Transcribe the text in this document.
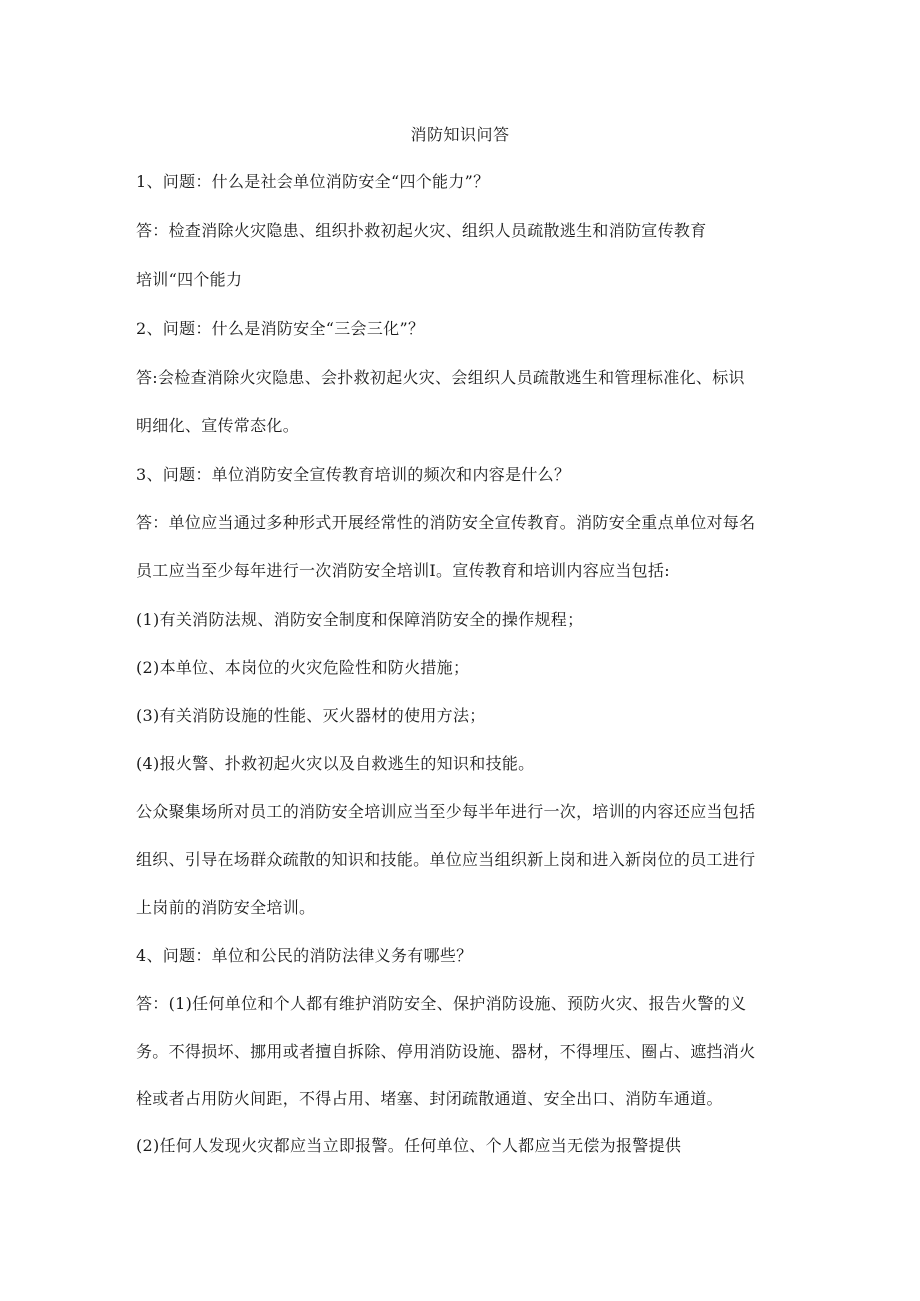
消防知识问答
1、问题：什么是社会单位消防安全“四个能力”？
答：检查消除火灾隐患、组织扑救初起火灾、组织人员疏散逃生和消防宣传教育
培训“四个能力
2、问题：什么是消防安全“三会三化”？
答:会检查消除火灾隐患、会扑救初起火灾、会组织人员疏散逃生和管理标准化、标识
明细化、宣传常态化。
3、问题：单位消防安全宣传教育培训的频次和内容是什么？
答：单位应当通过多种形式开展经常性的消防安全宣传教育。消防安全重点单位对每名
员工应当至少每年进行一次消防安全培训I。宣传教育和培训内容应当包括:
(1)有关消防法规、消防安全制度和保障消防安全的操作规程；
(2)本单位、本岗位的火灾危险性和防火措施；
(3)有关消防设施的性能、灭火器材的使用方法；
(4)报火警、扑救初起火灾以及自救逃生的知识和技能。
公众聚集场所对员工的消防安全培训应当至少每半年进行一次，培训的内容还应当包括
组织、引导在场群众疏散的知识和技能。单位应当组织新上岗和进入新岗位的员工进行
上岗前的消防安全培训。
4、问题：单位和公民的消防法律义务有哪些？
答：(1)任何单位和个人都有维护消防安全、保护消防设施、预防火灾、报告火警的义
务。不得损坏、挪用或者擅自拆除、停用消防设施、器材，不得埋压、圈占、遮挡消火
栓或者占用防火间距，不得占用、堵塞、封闭疏散通道、安全出口、消防车通道。
(2)任何人发现火灾都应当立即报警。任何单位、个人都应当无偿为报警提供
